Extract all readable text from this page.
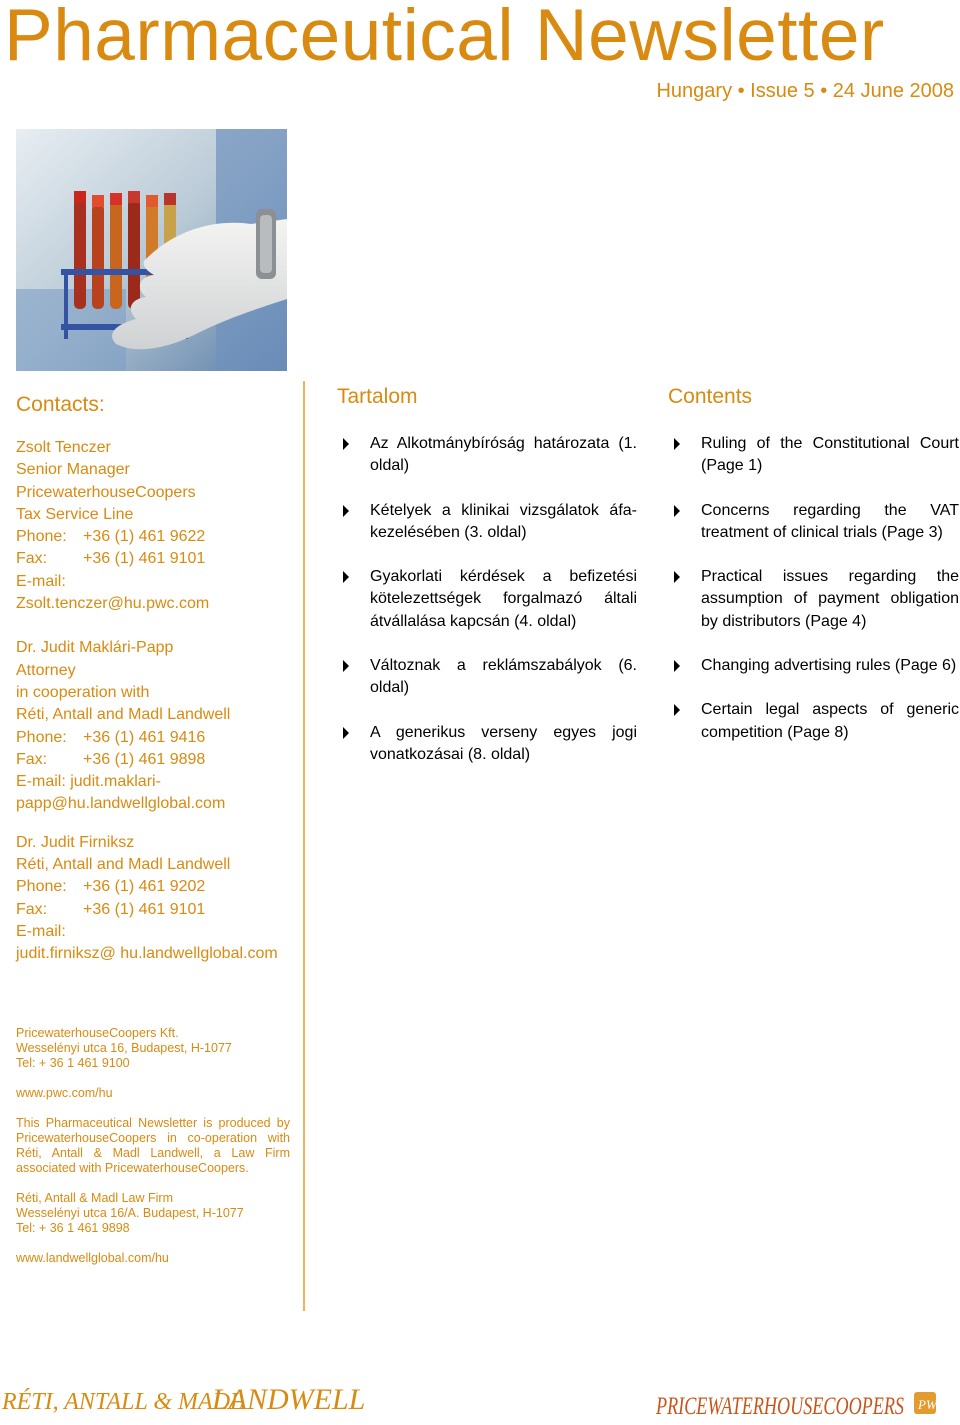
Pharmaceutical Newsletter
Hungary • Issue 5 • 24 June 2008
Contacts:
Zsolt Tenczer
Senior Manager
PricewaterhouseCoopers
Tax Service Line
Phone: +36 (1) 461 9622
Fax: +36 (1) 461 9101
E-mail:
Zsolt.tenczer@hu.pwc.com
Dr. Judit Maklári-Papp
Attorney
in cooperation with
Réti, Antall and Madl Landwell
Phone: +36 (1) 461 9416
Fax: +36 (1) 461 9898
E-mail: judit.maklari-
papp@hu.landwellglobal.com
Dr. Judit Firniksz
Réti, Antall and Madl Landwell
Phone: +36 (1) 461 9202
Fax: +36 (1) 461 9101
E-mail:
judit.firniksz@ hu.landwellglobal.com

PricewaterhouseCoopers Kft.
Wesselényi utca 16, Budapest, H-1077
Tel: + 36 1 461 9100

www.pwc.com/hu

This Pharmaceutical Newsletter is produced by PricewaterhouseCoopers in co-operation with Réti, Antall & Madl Landwell, a Law Firm associated with PricewaterhouseCoopers.

Réti, Antall & Madl Law Firm
Wesselényi utca 16/A. Budapest, H-1077
Tel: + 36 1 461 9898

www.landwellglobal.com/hu

Tartalom
Az Alkotmánybíróság határozata (1. oldal)
Kételyek a klinikai vizsgálatok áfa-kezelésében (3. oldal)
Gyakorlati kérdések a befizetési kötelezettségek forgalmazó általi átvállalása kapcsán (4. oldal)
Változnak a reklámszabályok (6. oldal)
A generikus verseny egyes jogi vonatkozásai (8. oldal)
Contents
Ruling of the Constitutional Court (Page 1)
Concerns regarding the VAT treatment of clinical trials (Page 3)
Practical issues regarding the assumption of payment obligation by distributors (Page 4)
Changing advertising rules (Page 6)
Certain legal aspects of generic competition (Page 8)
RÉTI, ANTALL & MADL
LANDWELL	PRICEWATERHOUSECOOPERS PW
